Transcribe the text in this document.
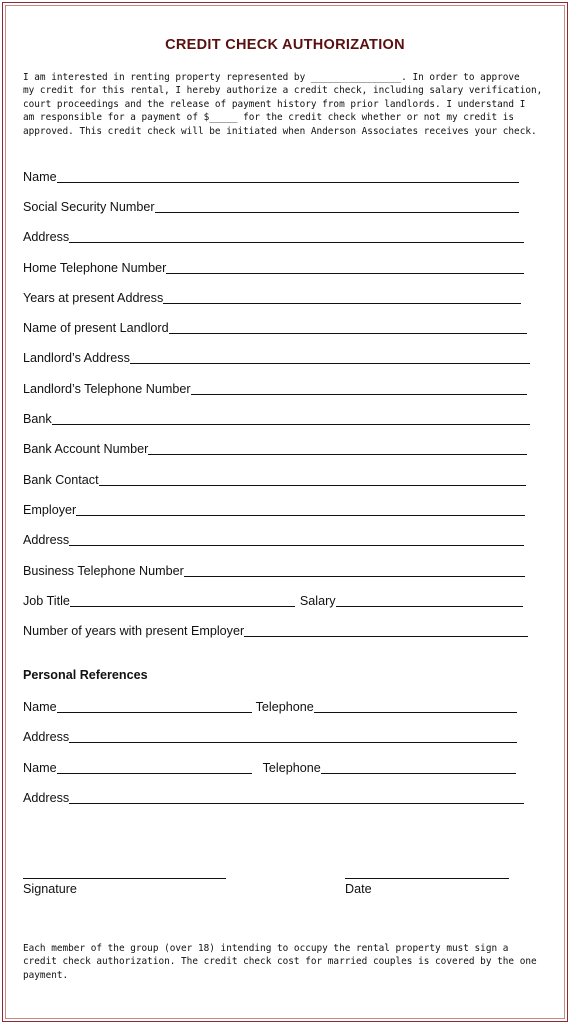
CREDIT CHECK AUTHORIZATION
I am interested in renting property represented by ________________. In order to approve
my credit for this rental, I hereby authorize a credit check, including salary verification,
court proceedings and the release of payment history from prior landlords. I understand I
am responsible for a payment of $_____ for the credit check whether or not my credit is
approved. This credit check will be initiated when Anderson Associates receives your check.
Name
Social Security Number
Address
Home Telephone Number
Years at present Address
Name of present Landlord
Landlord’s Address
Landlord’s Telephone Number
Bank
Bank Account Number
Bank Contact
Employer
Address
Business Telephone Number
Job Title	Salary
Number of years with present Employer
Personal References
Name	Telephone
Address
Name	Telephone
Address
Signature	Date
Each member of the group (over 18) intending to occupy the rental property must sign a
credit check authorization. The credit check cost for married couples is covered by the one
payment.
